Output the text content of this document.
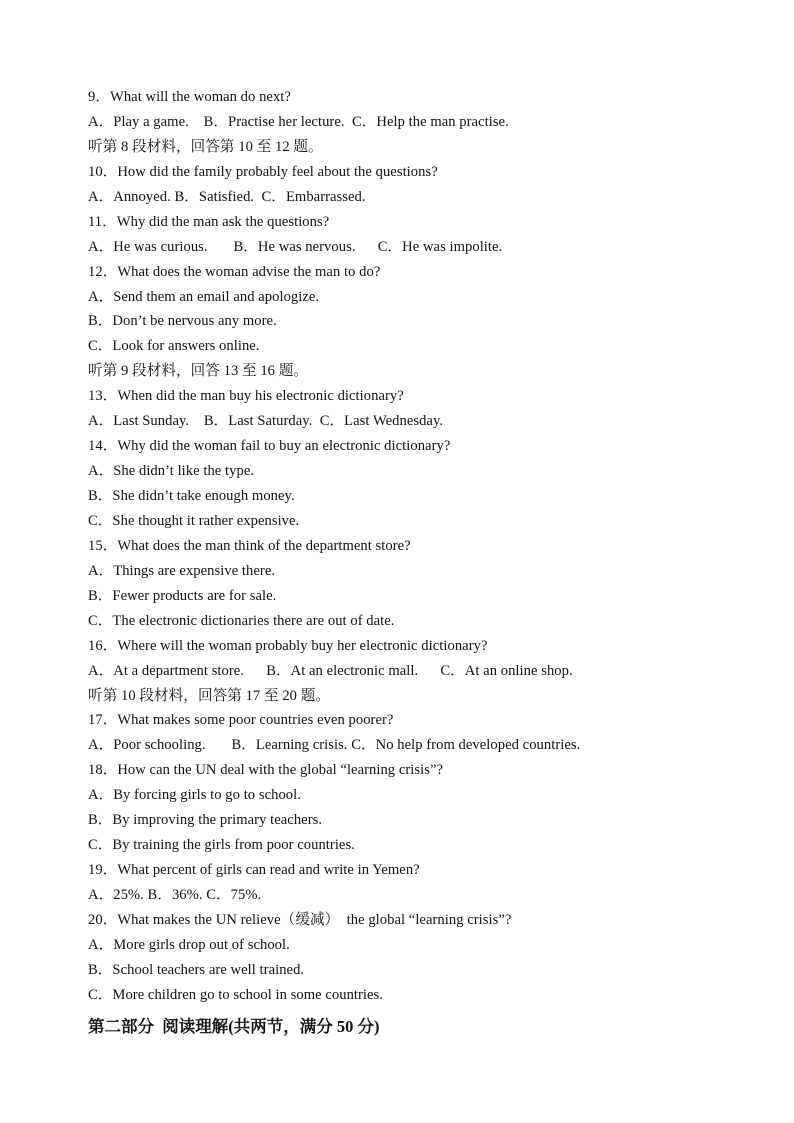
9．What will the woman do next?
A．Play a game.    B．Practise her lecture.  C．Help the man practise.
听第 8 段材料，回答第 10 至 12 题。
10．How did the family probably feel about the questions?
A．Annoyed. B．Satisfied.  C．Embarrassed.
11．Why did the man ask the questions?
A．He was curious.       B．He was nervous.      C．He was impolite.
12．What does the woman advise the man to do?
A．Send them an email and apologize.
B．Don’t be nervous any more.
C．Look for answers online.
听第 9 段材料，回答 13 至 16 题。
13．When did the man buy his electronic dictionary?
A．Last Sunday.    B．Last Saturday.  C．Last Wednesday.
14．Why did the woman fail to buy an electronic dictionary?
A．She didn’t like the type.
B．She didn’t take enough money.
C．She thought it rather expensive.
15．What does the man think of the department store?
A．Things are expensive there.
B．Fewer products are for sale.
C．The electronic dictionaries there are out of date.
16．Where will the woman probably buy her electronic dictionary?
A．At a department store.      B．At an electronic mall.      C．At an online shop.
听第 10 段材料，回答第 17 至 20 题。
17．What makes some poor countries even poorer?
A．Poor schooling.       B．Learning crisis. C．No help from developed countries.
18．How can the UN deal with the global “learning crisis”?
A．By forcing girls to go to school.
B．By improving the primary teachers.
C．By training the girls from poor countries.
19．What percent of girls can read and write in Yemen?
A．25%. B．36%. C．75%.
20．What makes the UN relieve（缓减）  the global “learning crisis”?
A．More girls drop out of school.
B．School teachers are well trained.
C．More children go to school in some countries.
第二部分  阅读理解(共两节，满分 50 分)
